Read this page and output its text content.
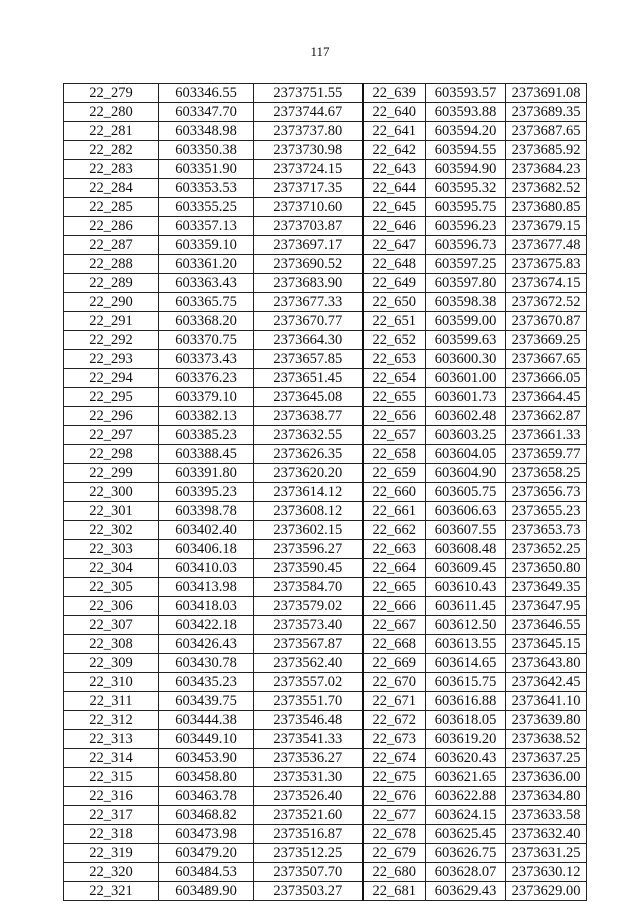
117
22_279	603346.55	2373751.55	22_639	603593.57	2373691.08
22_280	603347.70	2373744.67	22_640	603593.88	2373689.35
22_281	603348.98	2373737.80	22_641	603594.20	2373687.65
22_282	603350.38	2373730.98	22_642	603594.55	2373685.92
22_283	603351.90	2373724.15	22_643	603594.90	2373684.23
22_284	603353.53	2373717.35	22_644	603595.32	2373682.52
22_285	603355.25	2373710.60	22_645	603595.75	2373680.85
22_286	603357.13	2373703.87	22_646	603596.23	2373679.15
22_287	603359.10	2373697.17	22_647	603596.73	2373677.48
22_288	603361.20	2373690.52	22_648	603597.25	2373675.83
22_289	603363.43	2373683.90	22_649	603597.80	2373674.15
22_290	603365.75	2373677.33	22_650	603598.38	2373672.52
22_291	603368.20	2373670.77	22_651	603599.00	2373670.87
22_292	603370.75	2373664.30	22_652	603599.63	2373669.25
22_293	603373.43	2373657.85	22_653	603600.30	2373667.65
22_294	603376.23	2373651.45	22_654	603601.00	2373666.05
22_295	603379.10	2373645.08	22_655	603601.73	2373664.45
22_296	603382.13	2373638.77	22_656	603602.48	2373662.87
22_297	603385.23	2373632.55	22_657	603603.25	2373661.33
22_298	603388.45	2373626.35	22_658	603604.05	2373659.77
22_299	603391.80	2373620.20	22_659	603604.90	2373658.25
22_300	603395.23	2373614.12	22_660	603605.75	2373656.73
22_301	603398.78	2373608.12	22_661	603606.63	2373655.23
22_302	603402.40	2373602.15	22_662	603607.55	2373653.73
22_303	603406.18	2373596.27	22_663	603608.48	2373652.25
22_304	603410.03	2373590.45	22_664	603609.45	2373650.80
22_305	603413.98	2373584.70	22_665	603610.43	2373649.35
22_306	603418.03	2373579.02	22_666	603611.45	2373647.95
22_307	603422.18	2373573.40	22_667	603612.50	2373646.55
22_308	603426.43	2373567.87	22_668	603613.55	2373645.15
22_309	603430.78	2373562.40	22_669	603614.65	2373643.80
22_310	603435.23	2373557.02	22_670	603615.75	2373642.45
22_311	603439.75	2373551.70	22_671	603616.88	2373641.10
22_312	603444.38	2373546.48	22_672	603618.05	2373639.80
22_313	603449.10	2373541.33	22_673	603619.20	2373638.52
22_314	603453.90	2373536.27	22_674	603620.43	2373637.25
22_315	603458.80	2373531.30	22_675	603621.65	2373636.00
22_316	603463.78	2373526.40	22_676	603622.88	2373634.80
22_317	603468.82	2373521.60	22_677	603624.15	2373633.58
22_318	603473.98	2373516.87	22_678	603625.45	2373632.40
22_319	603479.20	2373512.25	22_679	603626.75	2373631.25
22_320	603484.53	2373507.70	22_680	603628.07	2373630.12
22_321	603489.90	2373503.27	22_681	603629.43	2373629.00
